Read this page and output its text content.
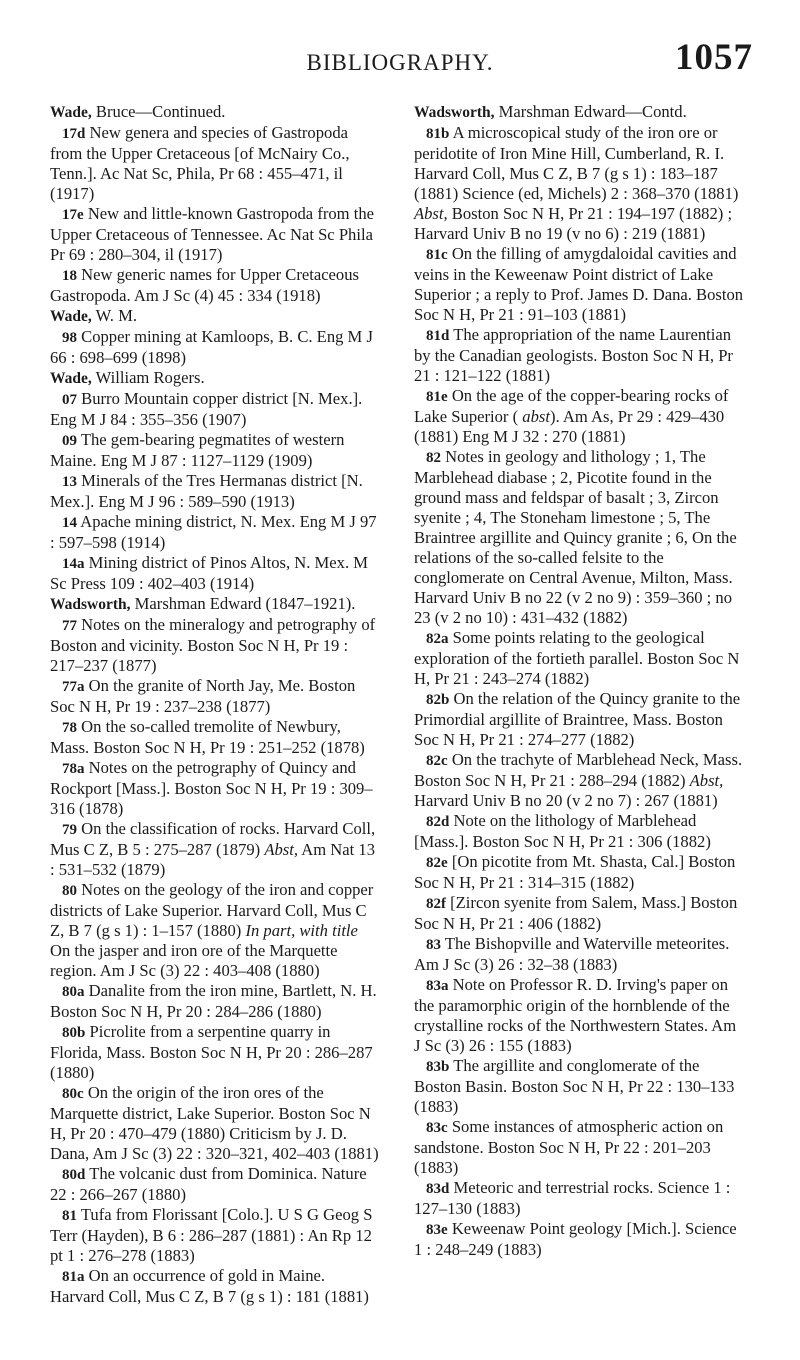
BIBLIOGRAPHY.	1057

Wade, Bruce—Continued.

17d New genera and species of Gastropoda from the Upper Cretaceous [of McNairy Co., Tenn.]. Ac Nat Sc, Phila, Pr 68 : 455–471, il (1917)

17e New and little-known Gastropoda from the Upper Cretaceous of Tennessee. Ac Nat Sc Phila Pr 69 : 280–304, il (1917)

18 New generic names for Upper Cretaceous Gastropoda. Am J Sc (4) 45 : 334 (1918)

Wade, W. M.

98 Copper mining at Kamloops, B. C. Eng M J 66 : 698–699 (1898)

Wade, William Rogers.

07 Burro Mountain copper district [N. Mex.]. Eng M J 84 : 355–356 (1907)

09 The gem-bearing pegmatites of western Maine. Eng M J 87 : 1127–1129 (1909)

13 Minerals of the Tres Hermanas district [N. Mex.]. Eng M J 96 : 589–590 (1913)

14 Apache mining district, N. Mex. Eng M J 97 : 597–598 (1914)

14a Mining district of Pinos Altos, N. Mex. M Sc Press 109 : 402–403 (1914)

Wadsworth, Marshman Edward (1847–1921).

77 Notes on the mineralogy and petrography of Boston and vicinity. Boston Soc N H, Pr 19 : 217–237 (1877)

77a On the granite of North Jay, Me. Boston Soc N H, Pr 19 : 237–238 (1877)

78 On the so-called tremolite of Newbury, Mass. Boston Soc N H, Pr 19 : 251–252 (1878)

78a Notes on the petrography of Quincy and Rockport [Mass.]. Boston Soc N H, Pr 19 : 309–316 (1878)

79 On the classification of rocks. Harvard Coll, Mus C Z, B 5 : 275–287 (1879) Abst, Am Nat 13 : 531–532 (1879)

80 Notes on the geology of the iron and copper districts of Lake Superior. Harvard Coll, Mus C Z, B 7 (g s 1) : 1–157 (1880) In part, with title On the jasper and iron ore of the Marquette region. Am J Sc (3) 22 : 403–408 (1880)

80a Danalite from the iron mine, Bartlett, N. H. Boston Soc N H, Pr 20 : 284–286 (1880)

80b Picrolite from a serpentine quarry in Florida, Mass. Boston Soc N H, Pr 20 : 286–287 (1880)

80c On the origin of the iron ores of the Marquette district, Lake Superior. Boston Soc N H, Pr 20 : 470–479 (1880) Criticism by J. D. Dana, Am J Sc (3) 22 : 320–321, 402–403 (1881)

80d The volcanic dust from Dominica. Nature 22 : 266–267 (1880)

81 Tufa from Florissant [Colo.]. U S G Geog S Terr (Hayden), B 6 : 286–287 (1881) : An Rp 12 pt 1 : 276–278 (1883)

81a On an occurrence of gold in Maine. Harvard Coll, Mus C Z, B 7 (g s 1) : 181 (1881)

Wadsworth, Marshman Edward—Contd.

81b A microscopical study of the iron ore or peridotite of Iron Mine Hill, Cumberland, R. I. Harvard Coll, Mus C Z, B 7 (g s 1) : 183–187 (1881) Science (ed, Michels) 2 : 368–370 (1881) Abst, Boston Soc N H, Pr 21 : 194–197 (1882) ; Harvard Univ B no 19 (v no 6) : 219 (1881)

81c On the filling of amygdaloidal cavities and veins in the Keweenaw Point district of Lake Superior ; a reply to Prof. James D. Dana. Boston Soc N H, Pr 21 : 91–103 (1881)

81d The appropriation of the name Laurentian by the Canadian geologists. Boston Soc N H, Pr 21 : 121–122 (1881)

81e On the age of the copper-bearing rocks of Lake Superior ( abst). Am As, Pr 29 : 429–430 (1881) Eng M J 32 : 270 (1881)

82 Notes in geology and lithology ; 1, The Marblehead diabase ; 2, Picotite found in the ground mass and feldspar of basalt ; 3, Zircon syenite ; 4, The Stoneham limestone ; 5, The Braintree argillite and Quincy granite ; 6, On the relations of the so-called felsite to the conglomerate on Central Avenue, Milton, Mass. Harvard Univ B no 22 (v 2 no 9) : 359–360 ; no 23 (v 2 no 10) : 431–432 (1882)

82a Some points relating to the geological exploration of the fortieth parallel. Boston Soc N H, Pr 21 : 243–274 (1882)

82b On the relation of the Quincy granite to the Primordial argillite of Braintree, Mass. Boston Soc N H, Pr 21 : 274–277 (1882)

82c On the trachyte of Marblehead Neck, Mass. Boston Soc N H, Pr 21 : 288–294 (1882) Abst, Harvard Univ B no 20 (v 2 no 7) : 267 (1881)

82d Note on the lithology of Marblehead [Mass.]. Boston Soc N H, Pr 21 : 306 (1882)

82e [On picotite from Mt. Shasta, Cal.] Boston Soc N H, Pr 21 : 314–315 (1882)

82f [Zircon syenite from Salem, Mass.] Boston Soc N H, Pr 21 : 406 (1882)

83 The Bishopville and Waterville meteorites. Am J Sc (3) 26 : 32–38 (1883)

83a Note on Professor R. D. Irving's paper on the paramorphic origin of the hornblende of the crystalline rocks of the Northwestern States. Am J Sc (3) 26 : 155 (1883)

83b The argillite and conglomerate of the Boston Basin. Boston Soc N H, Pr 22 : 130–133 (1883)

83c Some instances of atmospheric action on sandstone. Boston Soc N H, Pr 22 : 201–203 (1883)

83d Meteoric and terrestrial rocks. Science 1 : 127–130 (1883)

83e Keweenaw Point geology [Mich.]. Science 1 : 248–249 (1883)
